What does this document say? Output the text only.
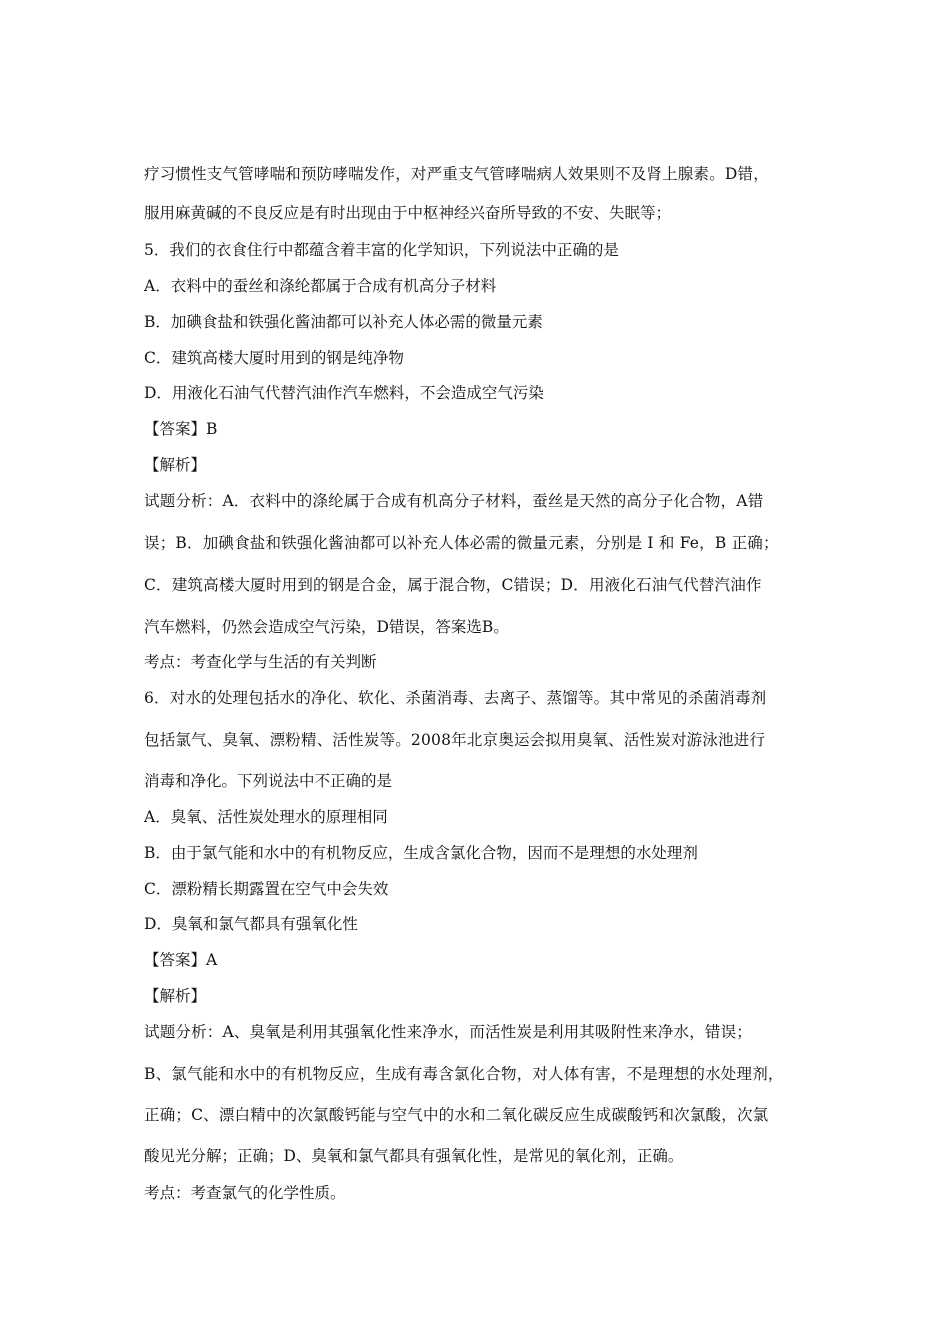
疗习惯性支气管哮喘和预防哮喘发作，对严重支气管哮喘病人效果则不及肾上腺素。D错，
服用麻黄碱的不良反应是有时出现由于中枢神经兴奋所导致的不安、失眠等；
5．我们的衣食住行中都蕴含着丰富的化学知识，下列说法中正确的是
A．衣料中的蚕丝和涤纶都属于合成有机高分子材料
B．加碘食盐和铁强化酱油都可以补充人体必需的微量元素
C．建筑高楼大厦时用到的钢是纯净物
D．用液化石油气代替汽油作汽车燃料，不会造成空气污染
【答案】B
【解析】
试题分析：A．衣料中的涤纶属于合成有机高分子材料，蚕丝是天然的高分子化合物，A错
误；B．加碘食盐和铁强化酱油都可以补充人体必需的微量元素，分别是 I 和 Fe，B 正确；
C．建筑高楼大厦时用到的钢是合金，属于混合物，C错误；D．用液化石油气代替汽油作
汽车燃料，仍然会造成空气污染，D错误，答案选B。
考点：考查化学与生活的有关判断
6．对水的处理包括水的净化、软化、杀菌消毒、去离子、蒸馏等。其中常见的杀菌消毒剂
包括氯气、臭氧、漂粉精、活性炭等。2008年北京奥运会拟用臭氧、活性炭对游泳池进行
消毒和净化。下列说法中不正确的是
A．臭氧、活性炭处理水的原理相同
B．由于氯气能和水中的有机物反应，生成含氯化合物，因而不是理想的水处理剂
C．漂粉精长期露置在空气中会失效
D．臭氧和氯气都具有强氧化性
【答案】A
【解析】
试题分析：A、臭氧是利用其强氧化性来净水，而活性炭是利用其吸附性来净水，错误；
B、氯气能和水中的有机物反应，生成有毒含氯化合物，对人体有害，不是理想的水处理剂，
正确；C、漂白精中的次氯酸钙能与空气中的水和二氧化碳反应生成碳酸钙和次氯酸，次氯
酸见光分解；正确；D、臭氧和氯气都具有强氧化性，是常见的氧化剂，正确。
考点：考查氯气的化学性质。
